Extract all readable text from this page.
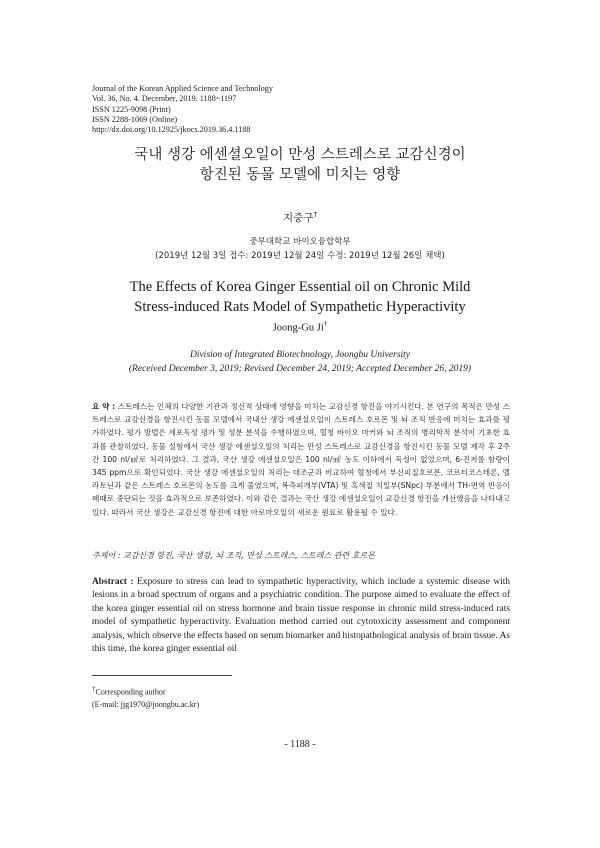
Journal of the Korean Applied Science and Technology
Vol. 36, No. 4. December, 2019. 1188~1197
ISSN 1225-9098 (Print)
ISSN 2288-1069 (Online)
http://dx.doi.org/10.12925/jkocs.2019.36.4.1188
국내 생강 에센셜오일이 만성 스트레스로 교감신경이
항진된 동물 모델에 미치는 영향
지중구†
중부대학교 바이오융합학부
(2019년 12월 3일 접수: 2019년 12월 24일 수정: 2019년 12월 26일 채택)
The Effects of Korea Ginger Essential oil on Chronic Mild
Stress-induced Rats Model of Sympathetic Hyperactivity
Joong-Gu Ji†
Division of Integrated Biotechnology, Joongbu University
(Received December 3, 2019; Revised December 24, 2019; Accepted December 26, 2019)
요 약 : 스트레스는 인체의 다양한 기관과 정신적 상태에 영향을 미치는 교감신경 항진을 야기시킨다. 본 연구의 목적은 만성 스트레스로 교감신경을 항진시킨 동물 모델에서 국내산 생강 에센셜오일이 스트레스 호르몬 및 뇌 조직 반응에 미치는 효과를 평가하였다. 평가 방법은 세포독성 평가 및 성분 분석을 수행하였으며, 혈청 바이오 마커와 뇌 조직의 병리학적 분석이 기초한 효과를 관찰하였다. 동물 실험에서 국산 생강 에센셜오일의 처리는 만성 스트레스로 교감신경을 항진시킨 동물 모델 제작 후 2주간 100 nl/㎖로 처리하였다. 그 결과, 국산 생강 에센셜오일은 100 nl/㎖ 농도 이하에서 독성이 없었으며, 6-진저롤 함량이 345 ppm으로 확인되었다. 국산 생강 에센셜오일의 처리는 대조군과 비교하여 혈청에서 부신피질호르몬, 코르티코스테론, 멜라토닌과 같은 스트레스 호르몬의 농도를 크게 줄였으며, 복측피개부(VTA) 및 흑색질 치밀부(SNpc) 부분에서 TH-면역 반응이 폐때로 중단되는 것을 효과적으로 보존하였다. 이와 같은 결과는 국산 생강 에센셜오일이 교감신경 항진을 개선했음을 나타내고 있다. 따라서 국산 생강은 교감신경 항진에 대한 아로마오일의 새로운 원료로 활용될 수 있다.
주제어 : 교감신경 항진, 국산 생강, 뇌 조직, 만성 스트레스, 스트레스 관련 호르몬
Abstract : Exposure to stress can lead to sympathetic hyperactivity, which include a systemic disease with lesions in a broad spectrum of organs and a psychiatric condition. The purpose aimed to evaluate the effect of the korea ginger essential oil on stress hormone and brain tissue response in chronic mild stress-induced rats model of sympathetic hyperactivity. Evaluation method carried out cytotoxicity assessment and component analysis, which observe the effects based on serum biomarker and histopathological analysis of brain tissue. As this time, the korea ginger essential oil
†Corresponding author
(E-mail: jjg1970@joongbu.ac.kr)
- 1188 -
